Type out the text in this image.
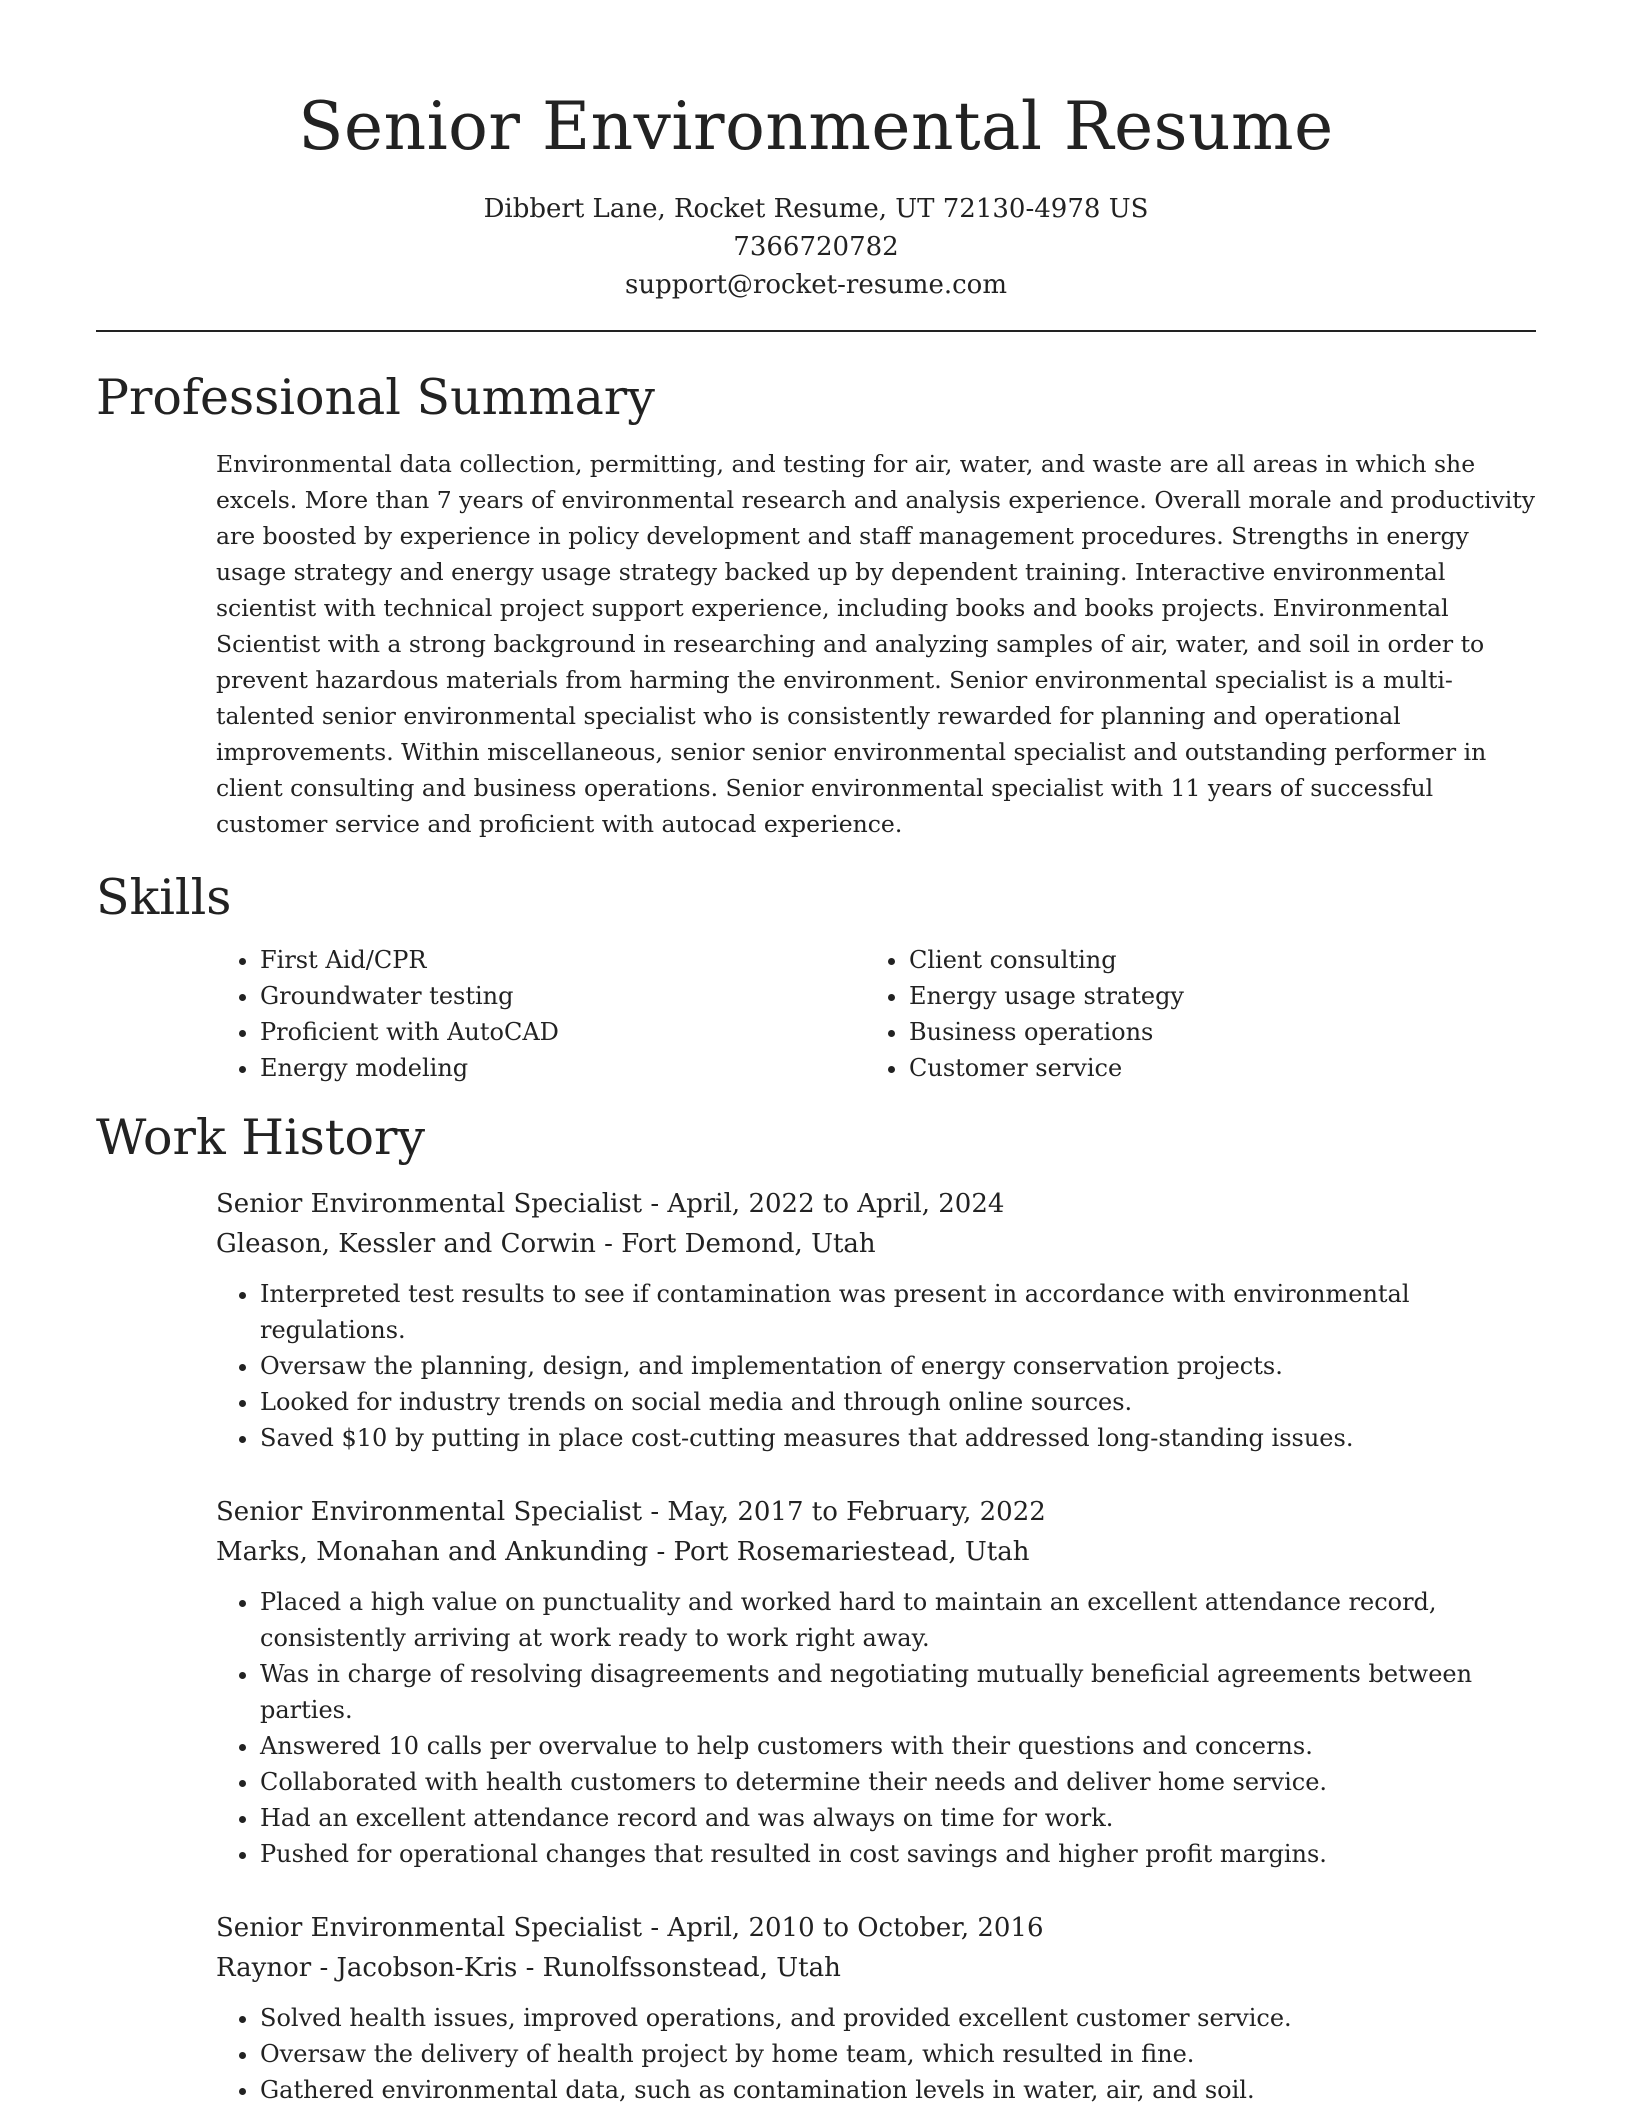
Senior Environmental Resume
Dibbert Lane, Rocket Resume, UT 72130-4978 US
7366720782
support@rocket-resume.com
Professional Summary

Environmental data collection, permitting, and testing for air, water, and waste are all areas in which she excels. More than 7 years of environmental research and analysis experience. Overall morale and productivity are boosted by experience in policy development and staff management procedures. Strengths in energy usage strategy and energy usage strategy backed up by dependent training. Interactive environmental scientist with technical project support experience, including books and books projects. Environmental Scientist with a strong background in researching and analyzing samples of air, water, and soil in order to prevent hazardous materials from harming the environment. Senior environmental specialist is a multi-talented senior environmental specialist who is consistently rewarded for planning and operational improvements. Within miscellaneous, senior senior environmental specialist and outstanding performer in client consulting and business operations. Senior environmental specialist with 11 years of successful customer service and proficient with autocad experience.

Skills
• First Aid/CPR
• Groundwater testing
• Proficient with AutoCAD
• Energy modeling
• Client consulting
• Energy usage strategy
• Business operations
• Customer service
Work History
Senior Environmental Specialist - April, 2022 to April, 2024
Gleason, Kessler and Corwin - Fort Demond, Utah
• Interpreted test results to see if contamination was present in accordance with environmental regulations.
• Oversaw the planning, design, and implementation of energy conservation projects.
• Looked for industry trends on social media and through online sources.
• Saved $10 by putting in place cost-cutting measures that addressed long-standing issues.
Senior Environmental Specialist - May, 2017 to February, 2022
Marks, Monahan and Ankunding - Port Rosemariestead, Utah
• Placed a high value on punctuality and worked hard to maintain an excellent attendance record, consistently arriving at work ready to work right away.
• Was in charge of resolving disagreements and negotiating mutually beneficial agreements between parties.
• Answered 10 calls per overvalue to help customers with their questions and concerns.
• Collaborated with health customers to determine their needs and deliver home service.
• Had an excellent attendance record and was always on time for work.
• Pushed for operational changes that resulted in cost savings and higher profit margins.
Senior Environmental Specialist - April, 2010 to October, 2016
Raynor - Jacobson-Kris - Runolfssonstead, Utah
• Solved health issues, improved operations, and provided excellent customer service.
• Oversaw the delivery of health project by home team, which resulted in fine.
• Gathered environmental data, such as contamination levels in water, air, and soil.
